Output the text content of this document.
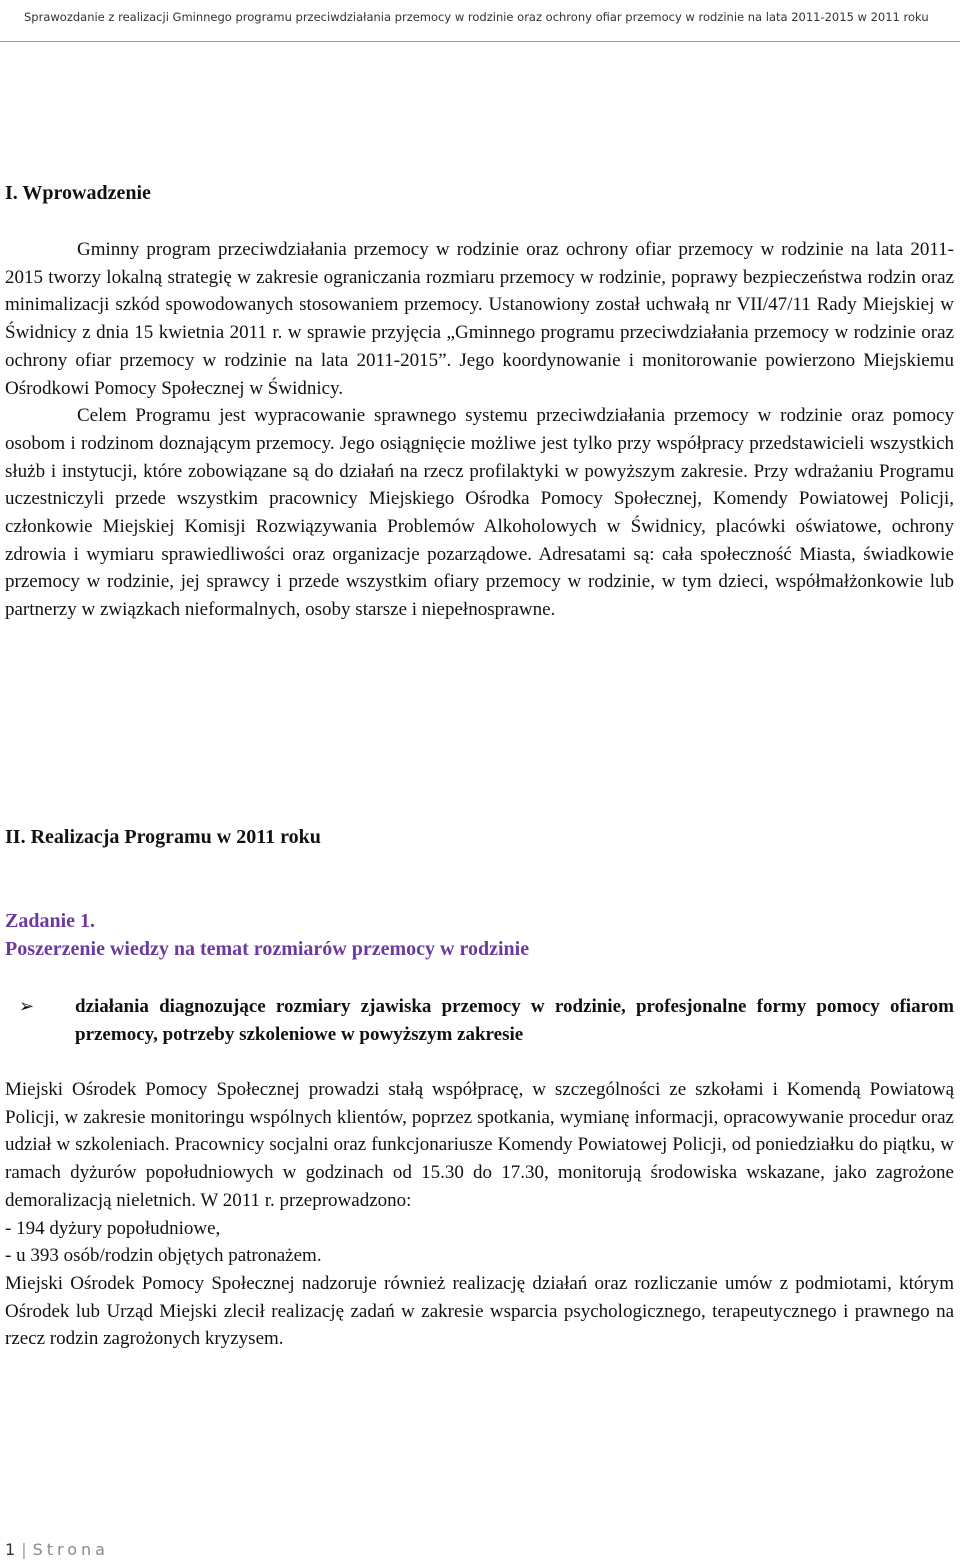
Sprawozdanie z realizacji Gminnego programu przeciwdziałania przemocy w rodzinie oraz ochrony ofiar przemocy w rodzinie na lata 2011-2015 w 2011 roku
I. Wprowadzenie

Gminny program przeciwdziałania przemocy w rodzinie oraz ochrony ofiar przemocy w rodzinie na lata 2011-2015 tworzy lokalną strategię w zakresie ograniczania rozmiaru przemocy w rodzinie, poprawy bezpieczeństwa rodzin oraz minimalizacji szkód spowodowanych stosowaniem przemocy. Ustanowiony został uchwałą nr VII/47/11 Rady Miejskiej w Świdnicy z dnia 15 kwietnia 2011 r. w sprawie przyjęcia „Gminnego programu przeciwdziałania przemocy w rodzinie oraz ochrony ofiar przemocy w rodzinie na lata 2011-2015”. Jego koordynowanie i monitorowanie powierzono Miejskiemu Ośrodkowi Pomocy Społecznej w Świdnicy.

Celem Programu jest wypracowanie sprawnego systemu przeciwdziałania przemocy w rodzinie oraz pomocy osobom i rodzinom doznającym przemocy. Jego osiągnięcie możliwe jest tylko przy współpracy przedstawicieli wszystkich służb i instytucji, które zobowiązane są do działań na rzecz profilaktyki w powyższym zakresie. Przy wdrażaniu Programu uczestniczyli przede wszystkim pracownicy Miejskiego Ośrodka Pomocy Społecznej, Komendy Powiatowej Policji, członkowie Miejskiej Komisji Rozwiązywania Problemów Alkoholowych w Świdnicy, placówki oświatowe, ochrony zdrowia i wymiaru sprawiedliwości oraz organizacje pozarządowe. Adresatami są: cała społeczność Miasta, świadkowie przemocy w rodzinie, jej sprawcy i przede wszystkim ofiary przemocy w rodzinie, w tym dzieci, współmałżonkowie lub partnerzy w związkach nieformalnych, osoby starsze i niepełnosprawne.

II. Realizacja Programu w 2011 roku
Zadanie 1.
Poszerzenie wiedzy na temat rozmiarów przemocy w rodzinie
➢	działania diagnozujące rozmiary zjawiska przemocy w rodzinie, profesjonalne formy pomocy ofiarom przemocy, potrzeby szkoleniowe w powyższym zakresie

Miejski Ośrodek Pomocy Społecznej prowadzi stałą współpracę, w szczególności ze szkołami i Komendą Powiatową Policji, w zakresie monitoringu wspólnych klientów, poprzez spotkania, wymianę informacji, opracowywanie procedur oraz udział w szkoleniach. Pracownicy socjalni oraz funkcjonariusze Komendy Powiatowej Policji, od poniedziałku do piątku, w ramach dyżurów popołudniowych w godzinach od 15.30 do 17.30, monitorują środowiska wskazane, jako zagrożone demoralizacją nieletnich. W 2011 r. przeprowadzono:

- 194 dyżury popołudniowe,

- u 393 osób/rodzin objętych patronażem.

Miejski Ośrodek Pomocy Społecznej nadzoruje również realizację działań oraz rozliczanie umów z podmiotami, którym Ośrodek lub Urząd Miejski zlecił realizację zadań w zakresie wsparcia psychologicznego, terapeutycznego i prawnego na rzecz rodzin zagrożonych kryzysem.

1 | Strona
